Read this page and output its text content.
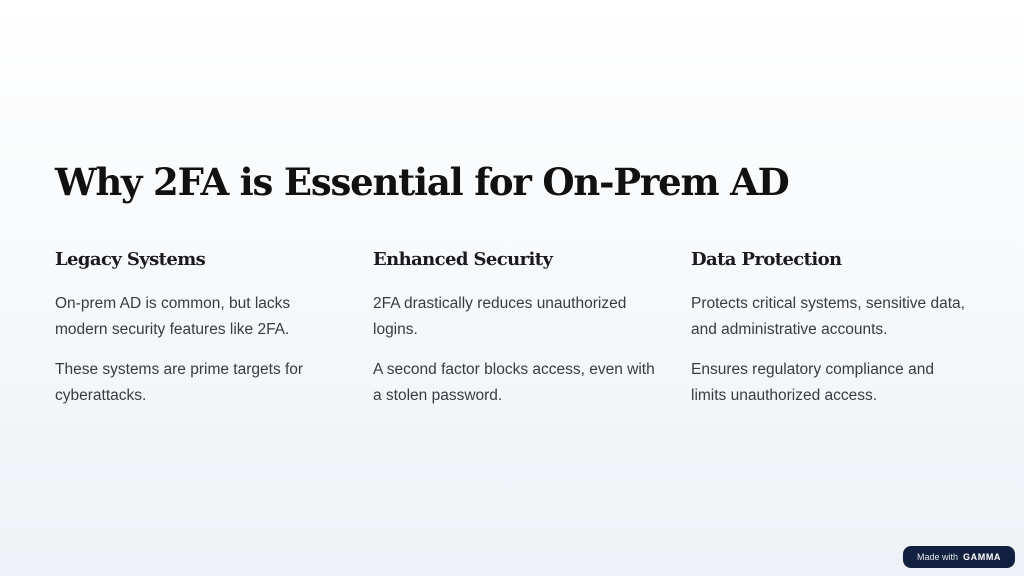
Why 2FA is Essential for On-Prem AD
Legacy Systems

On-prem AD is common, but lacks modern security features like 2FA.

These systems are prime targets for cyberattacks.

Enhanced Security

2FA drastically reduces unauthorized logins.

A second factor blocks access, even with a stolen password.

Data Protection

Protects critical systems, sensitive data, and administrative accounts.

Ensures regulatory compliance and limits unauthorized access.

Made with GAMMA
